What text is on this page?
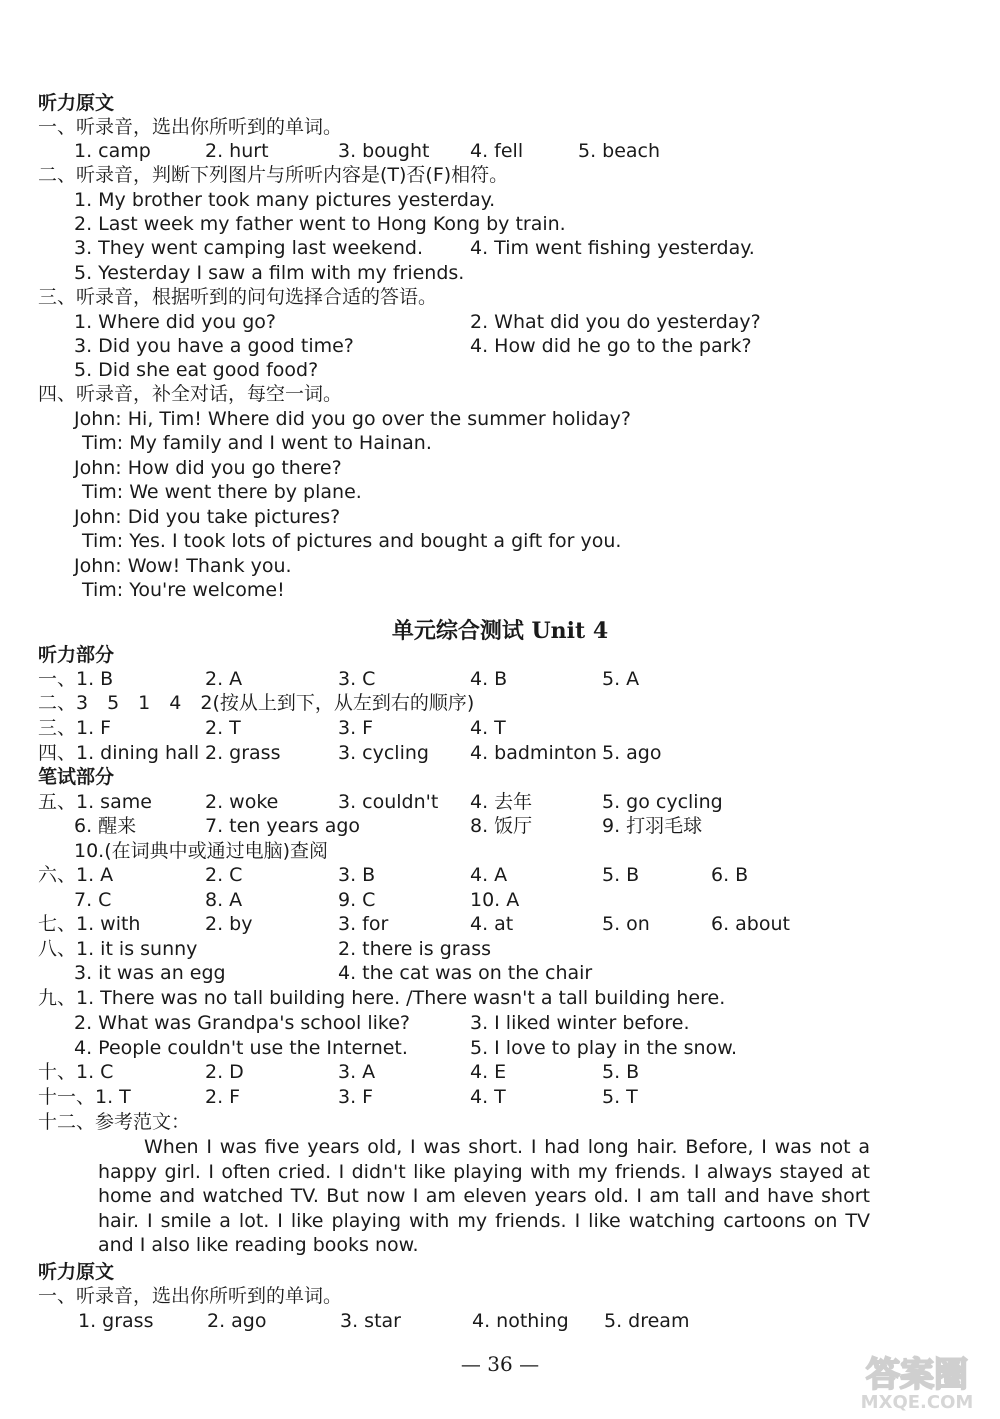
听力原文
一、听录音，选出你所听到的单词。
1. camp	2. hurt	3. bought 4. fell	5. beach
二、听录音，判断下列图片与所听内容是(T)否(F)相符。
1. My brother took many pictures yesterday.
2. Last week my father went to Hong Kong by train.
3. They went camping last weekend. 4. Tim went fishing yesterday.
5. Yesterday I saw a film with my friends.
三、听录音，根据听到的问句选择合适的答语。
1. Where did you go?	2. What did you do yesterday?
3. Did you have a good time?	4. How did he go to the park?
5. Did she eat good food?
四、听录音，补全对话，每空一词。
John: Hi, Tim! Where did you go over the summer holiday?
Tim: My family and I went to Hainan.
John: How did you go there?
Tim: We went there by plane.
John: Did you take pictures?
Tim: Yes. I took lots of pictures and bought a gift for you.
John: Wow! Thank you.
Tim: You're welcome!
单元综合测试 Unit 4
听力部分
一、1. B	2. A	3. C	4. B	5. A
二、3　5　1　4　2(按从上到下，从左到右的顺序)
三、1. F	2. T	3. F	4. T
四、1. dining hall 2. grass	3. cycling 4. badminton 5. ago
笔试部分
五、1. same	2. woke	3. couldn't 4. 去年	5. go cycling
6. 醒来	7. ten years ago	8. 饭厅	9. 打羽毛球
10.(在词典中或通过电脑)查阅
六、1. A	2. C	3. B	4. A	5. B	6. B
7. C	8. A	9. C	10. A
七、1. with	2. by	3. for	4. at	5. on	6. about
八、1. it is sunny	2. there is grass
3. it was an egg	4. the cat was on the chair
九、1. There was no tall building here. /There wasn't a tall building here.
2. What was Grandpa's school like?	3. I liked winter before.
4. People couldn't use the Internet.	5. I love to play in the snow.
十、1. C	2. D	3. A	4. E	5. B
十一、1. T	2. F	3. F	4. T	5. T
十二、参考范文：
When I was five years old, I was short. I had long hair. Before, I was not a happy girl. I often cried. I didn't like playing with my friends. I always stayed at home and watched TV. But now I am eleven years old. I am tall and have short hair. I smile a lot. I like playing with my friends. I like watching cartoons on TV and I also like reading books now.
听力原文
一、听录音，选出你所听到的单词。
1. grass	2. ago	3. star	4. nothing 5. dream
— 36 —	答案圈
MXQE.COM
